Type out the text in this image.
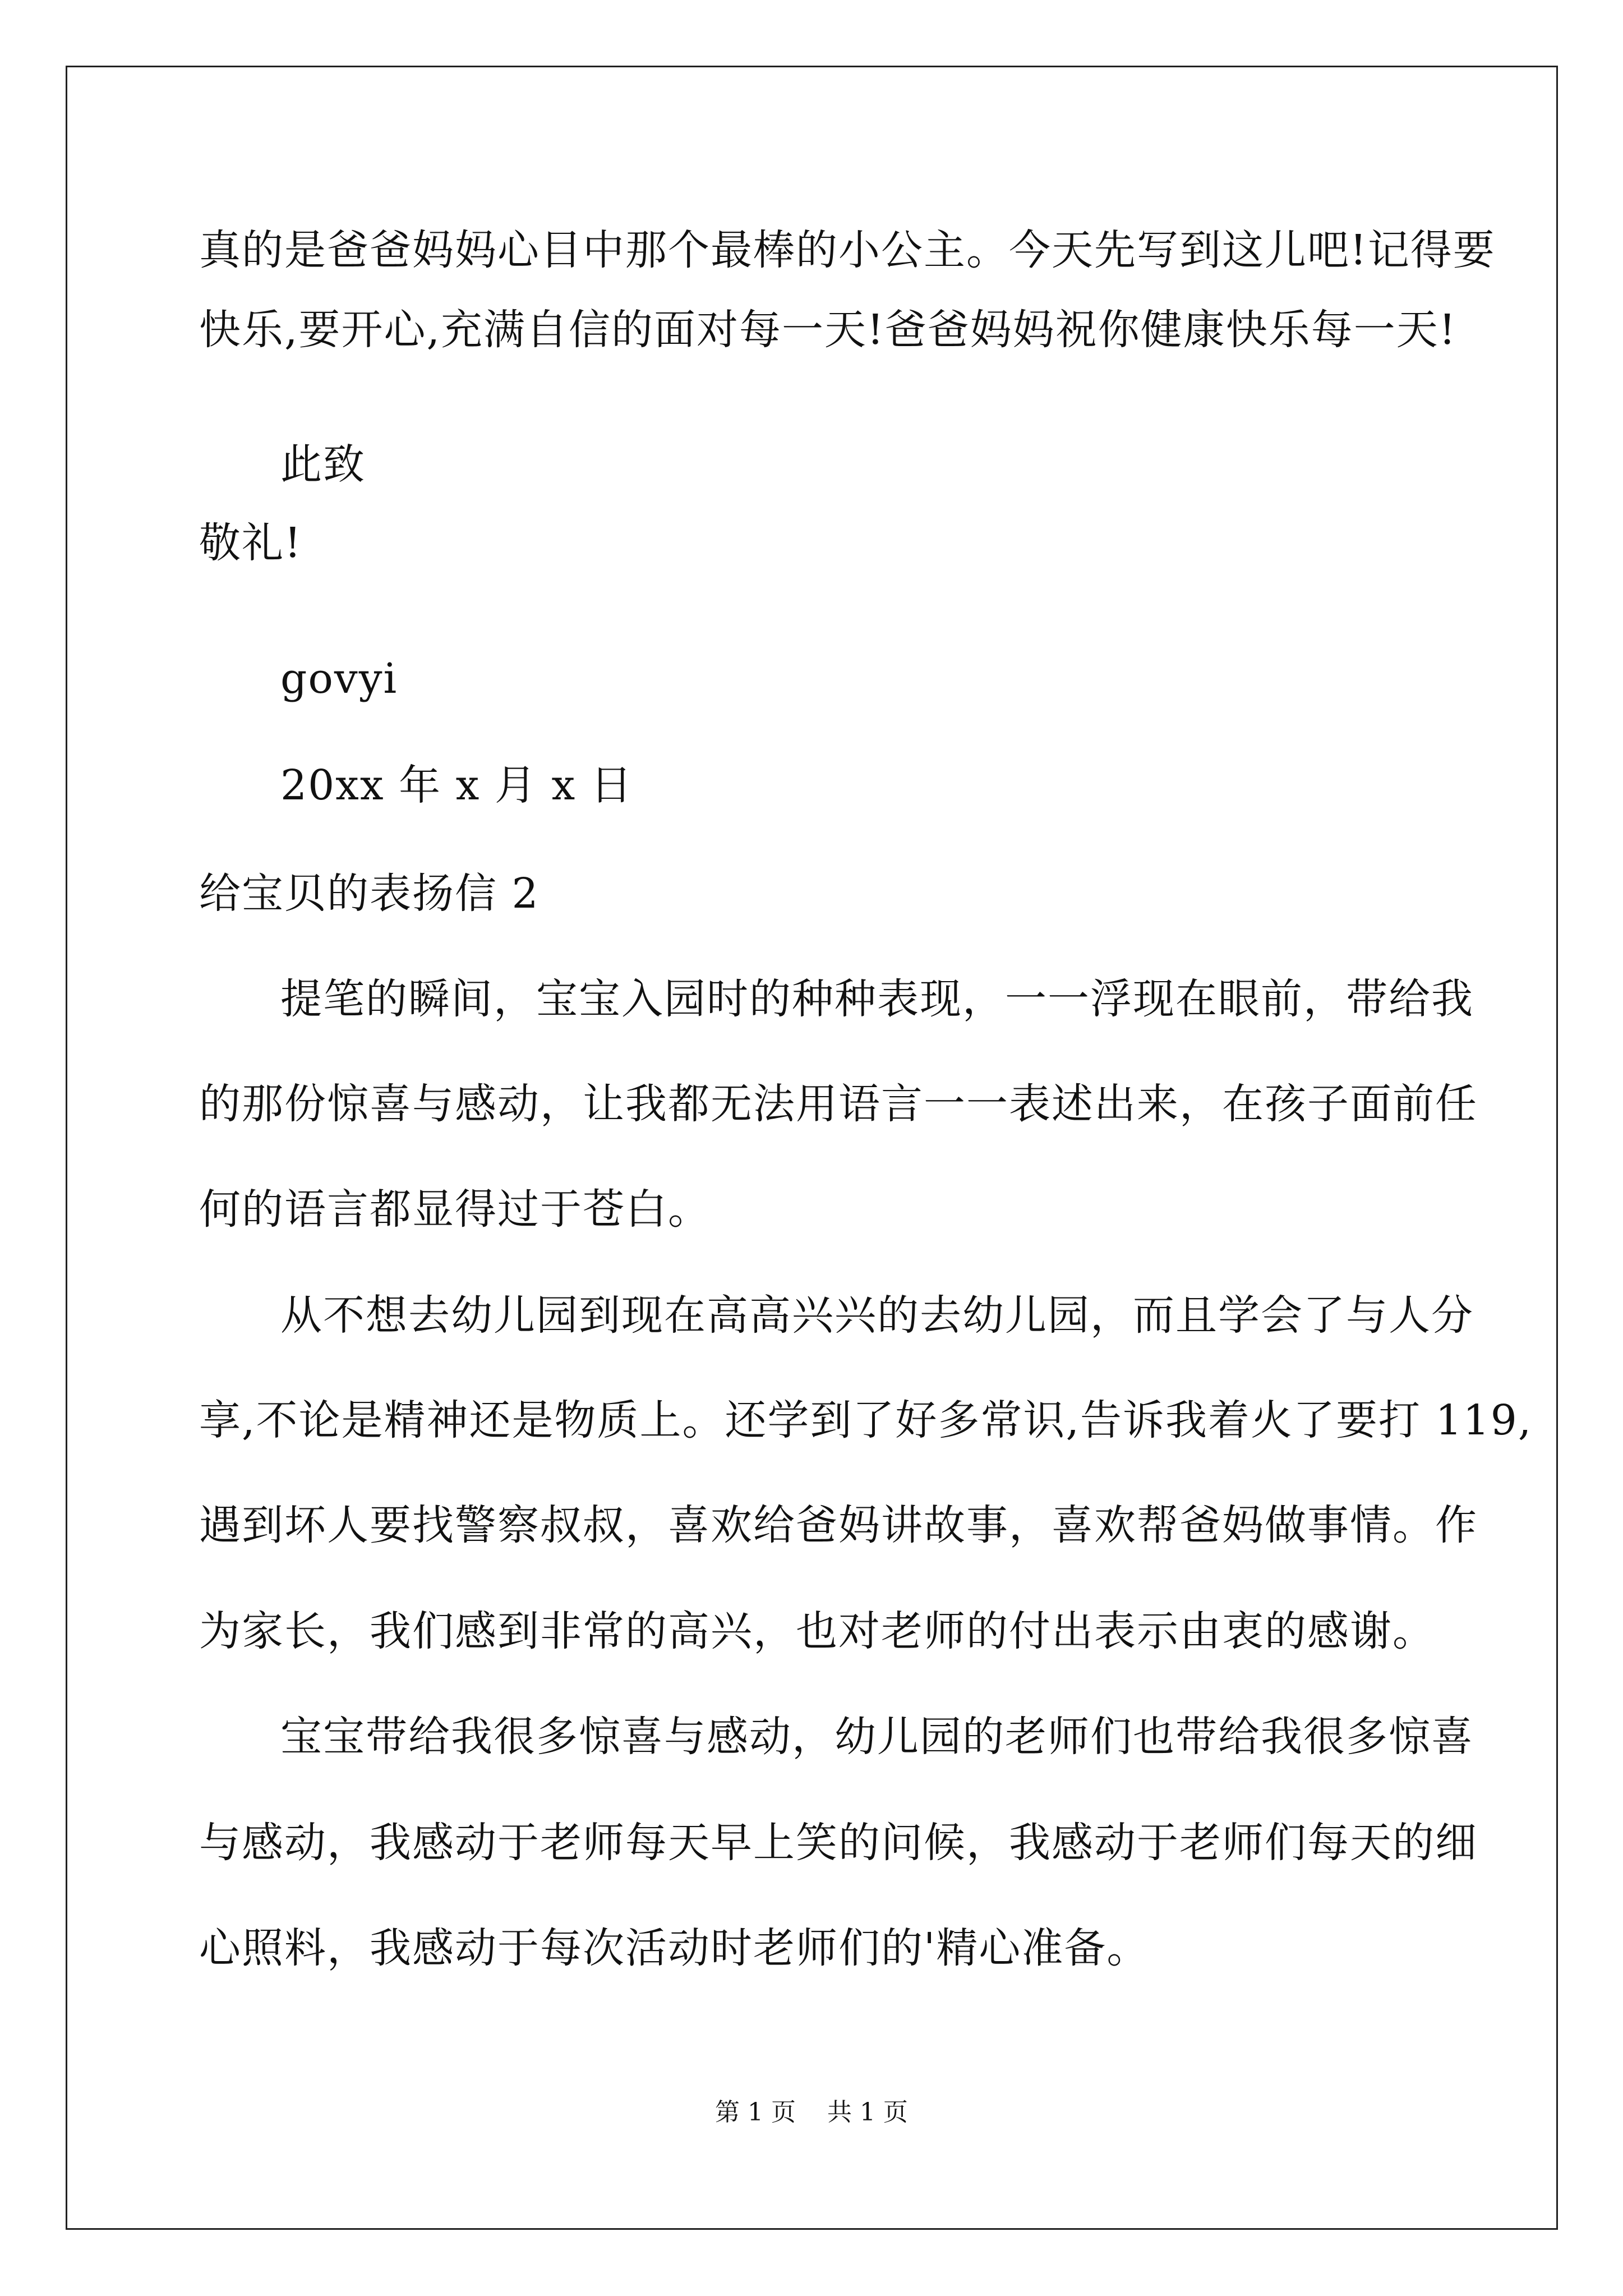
真的是爸爸妈妈心目中那个最棒的小公主。今天先写到这儿吧!记得要
快乐,要开心,充满自信的面对每一天!爸爸妈妈祝你健康快乐每一天!
此致
敬礼!
govyi
20xx 年 x 月 x 日
给宝贝的表扬信 2
提笔的瞬间，宝宝入园时的种种表现，一一浮现在眼前，带给我
的那份惊喜与感动，让我都无法用语言一一表述出来，在孩子面前任
何的语言都显得过于苍白。
从不想去幼儿园到现在高高兴兴的去幼儿园，而且学会了与人分
享,不论是精神还是物质上。还学到了好多常识,告诉我着火了要打 119,
遇到坏人要找警察叔叔，喜欢给爸妈讲故事，喜欢帮爸妈做事情。作
为家长，我们感到非常的高兴，也对老师的付出表示由衷的感谢。
宝宝带给我很多惊喜与感动，幼儿园的老师们也带给我很多惊喜
与感动，我感动于老师每天早上笑的问候，我感动于老师们每天的细
心照料，我感动于每次活动时老师们的'精心准备。
第 1 页    共 1 页
